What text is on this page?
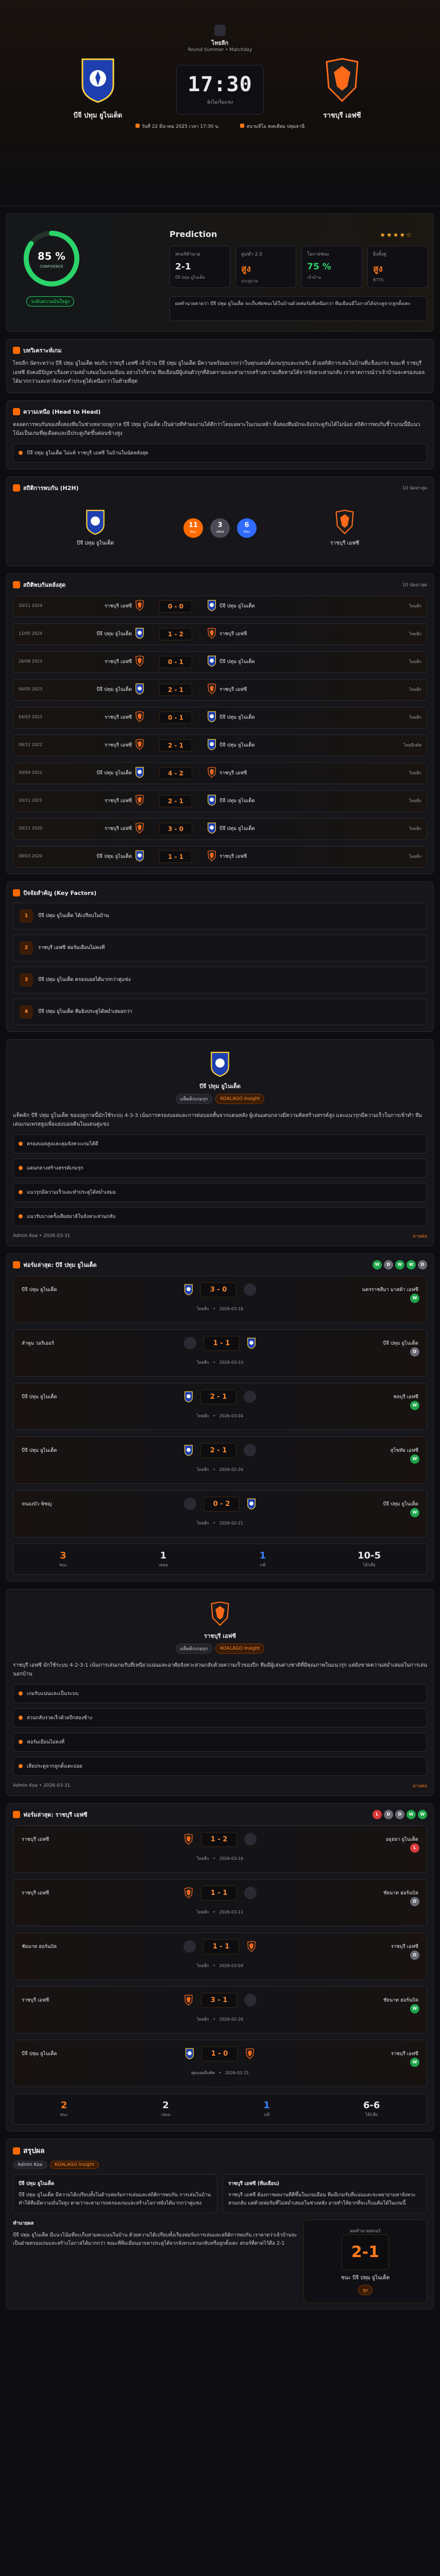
ไทยลีก
Round Summer • Matchday
บีจี ปทุม ยูไนเต็ด
17:30
ยังไม่เริ่มแข่ง
ราชบุรี เอฟซี
วันที่ 22 มีนาคม 2025 เวลา 17:30 น.	สนามลีโอ สเตเดียม ปทุมธานี
85 %
CONFIDENCE
ระดับความมั่นใจสูง
Prediction	★★★★☆
สกอร์ทำนาย
2-1
บีจี ปทุม ยูไนเต็ด
สูง/ต่ำ 2.5
สูง
ประตูรวม
โอกาสชนะ
75 %
เจ้าบ้าน
ยิงทั้งคู่
สูง
BTTS
ผลทำนายคาดว่า บีจี ปทุม ยูไนเต็ด จะเก็บชัยชนะได้ในบ้านด้วยฟอร์มที่เหนือกว่า ทีมเยือนมีโอกาสได้ประตูจากลูกตั้งเตะ
บทวิเคราะห์เกม

ไทยลีก นัดระหว่าง บีจี ปทุม ยูไนเต็ด พบกับ ราชบุรี เอฟซี เจ้าบ้าน บีจี ปทุม ยูไนเต็ด มีความพร้อมมากกว่าในทุกแดนทั้งเกมรุกและเกมรับ ด้วยสถิติการเล่นในบ้านที่แข็งแกร่ง ขณะที่ ราชบุรี เอฟซี ยังคงมีปัญหาเรื่องความสม่ำเสมอในเกมเยือน อย่างไรก็ตาม ทีมเยือนมีผู้เล่นตัวรุกที่อันตรายและสามารถสร้างความเสียหายได้จากจังหวะสวนกลับ เราคาดการณ์ว่าเจ้าบ้านจะครองบอลได้มากกว่าและหาจังหวะทำประตูได้เหนือกว่าในท้ายที่สุด

ความเหนือ (Head to Head)

ตลอดการพบกันของทั้งสองทีมในช่วงหลายฤดูกาล บีจี ปทุม ยูไนเต็ด เป็นฝ่ายที่ทำผลงานได้ดีกว่าโดยเฉพาะในเกมเหย้า ทั้งสองทีมมักจะยิงประตูกันได้ไม่น้อย สถิติการพบกันชี้ว่าเกมนี้มีแนวโน้มเป็นเกมที่ดุเดือดและมีประตูเกิดขึ้นค่อนข้างสูง

บีจี ปทุม ยูไนเต็ด ไม่แพ้ ราชบุรี เอฟซี ในบ้านในนัดหลังสุด
สถิติการพบกัน (H2H)	10 นัดล่าสุด
บีจี ปทุม ยูไนเต็ด
11
ชนะ
3
เสมอ
6
ชนะ
ราชบุรี เอฟซี
สถิติพบกันหลังสุด	10 นัดล่าสุด
20/11 2024	ราชบุรี เอฟซี	0 - 0	บีจี ปทุม ยูไนเต็ด	ไทยลีก
12/05 2024	บีจี ปทุม ยูไนเต็ด	1 - 2	ราชบุรี เอฟซี	ไทยลีก
26/08 2023	ราชบุรี เอฟซี	0 - 1	บีจี ปทุม ยูไนเต็ด	ไทยลีก
04/05 2023	บีจี ปทุม ยูไนเต็ด	2 - 1	ราชบุรี เอฟซี	ไทยลีก
04/03 2023	ราชบุรี เอฟซี	0 - 1	บีจี ปทุม ยูไนเต็ด	ไทยลีก
09/12 2022	ราชบุรี เอฟซี	2 - 1	บีจี ปทุม ยูไนเต็ด	ไทยลีกคัพ
30/04 2022	บีจี ปทุม ยูไนเต็ด	4 - 2	ราชบุรี เอฟซี	ไทยลีก
20/11 2021	ราชบุรี เอฟซี	2 - 1	บีจี ปทุม ยูไนเต็ด	ไทยลีก
20/11 2020	ราชบุรี เอฟซี	3 - 0	บีจี ปทุม ยูไนเต็ด	ไทยลีก
08/03 2020	บีจี ปทุม ยูไนเต็ด	1 - 1	ราชบุรี เอฟซี	ไทยลีก
ปัจจัยสำคัญ (Key Factors)
1	บีจี ปทุม ยูไนเต็ด ได้เปรียบในบ้าน
2	ราชบุรี เอฟซี ฟอร์มเยือนไม่คงที่
3	บีจี ปทุม ยูไนเต็ด ครองบอลได้มากกว่าคู่แข่ง
4	บีจี ปทุม ยูไนเต็ด ทีมยิงประตูได้สม่ำเสมอกว่า
บีจี ปทุม ยูไนเต็ด
แท็คติกเกมรุก	KOALAGO Insight

แท็คติก บีจี ปทุม ยูไนเต็ด ของฤดูกาลนี้มักใช้ระบบ 4-3-3 เน้นการครองบอลและการต่อบอลสั้นจากแดนหลัง ผู้เล่นแดนกลางมีความคิดสร้างสรรค์สูง และแนวรุกมีความเร็วในการเข้าทำ ทีมเล่นเกมเพรสสูงเพื่อแย่งบอลคืนในแดนคู่แข่ง

ครองบอลสูงและคุมจังหวะเกมได้ดี
แดนกลางสร้างสรรค์เกมรุก
แนวรุกมีความเร็วและทำประตูได้สม่ำเสมอ
แนวรับบางครั้งเสียสมาธิในจังหวะสวนกลับ
Admin Koa • 2026-03-31	อ่านต่อ
ฟอร์มล่าสุด: บีจี ปทุม ยูไนเต็ด	W	D	W	W	D
บีจี ปทุม ยูไนเต็ด	3 - 0	นครราชสีมา มาสด้า เอฟซี
ไทยลีก   •   2026-03-16
W
ลำพูน วอริเออร์	1 - 1	บีจี ปทุม ยูไนเต็ด
ไทยลีก   •   2026-03-10
D
บีจี ปทุม ยูไนเต็ด	2 - 1	ชลบุรี เอฟซี
ไทยลีก   •   2026-03-04
W
บีจี ปทุม ยูไนเต็ด	2 - 1	สุโขทัย เอฟซี
ไทยลีก   •   2026-02-26
W
หนองบัว พิชญ	0 - 2	บีจี ปทุม ยูไนเต็ด
ไทยลีก   •   2026-02-21
W
3
ชนะ
1
เสมอ
1
แพ้
10-5
ได้/เสีย
ราชบุรี เอฟซี
แท็คติกเกมรุก	KOALAGO Insight

ราชบุรี เอฟซี มักใช้ระบบ 4-2-3-1 เน้นการเล่นเกมรับที่เหนียวแน่นและอาศัยจังหวะสวนกลับด้วยความเร็วของปีก ทีมมีผู้เล่นต่างชาติที่มีคุณภาพในแนวรุก แต่ยังขาดความสม่ำเสมอในการเล่นนอกบ้าน

เกมรับแน่นและเป็นระบบ
สวนกลับรวดเร็วด้วยปีกสองข้าง
ฟอร์มเยือนไม่คงที่
เสียประตูจากลูกตั้งเตะบ่อย
Admin Koa • 2026-03-31	อ่านต่อ
ฟอร์มล่าสุด: ราชบุรี เอฟซี	L	D	D	W	W
ราชบุรี เอฟซี	1 - 2	อยุธยา ยูไนเต็ด
ไทยลีก   •   2026-03-16
L
ราชบุรี เอฟซี	1 - 1	ชัยนาท ฮอร์นบิล
ไทยลีก   •   2026-03-11
D
ชัยนาท ฮอร์นบิล	1 - 1	ราชบุรี เอฟซี
ไทยลีก   •   2026-03-04
D
ราชบุรี เอฟซี	3 - 1	ชัยนาท ฮอร์นบิล
ไทยลีก   •   2026-02-26
W
บีจี ปทุม ยูไนเต็ด	1 - 0	ราชบุรี เอฟซี
ฟุตบอลลีกคัพ   •   2026-02-21
W
2
ชนะ
2
เสมอ
1
แพ้
6-6
ได้/เสีย
สรุปผล
Admin Koa	KOALAGO Insight
บีจี ปทุม ยูไนเต็ด
บีจี ปทุม ยูไนเต็ด มีความได้เปรียบทั้งในด้านฟอร์มการเล่นและสถิติการพบกัน การเล่นในบ้านทำให้ทีมมีความมั่นใจสูง คาดว่าจะสามารถครองเกมและสร้างโอกาสยิงได้มากกว่าคู่แข่ง
ราชบุรี เอฟซี (ทีมเยือน)
ราชบุรี เอฟซี ต้องการผลงานที่ดีขึ้นในเกมเยือน ทีมมีเกมรับที่แน่นและจะพยายามหาจังหวะสวนกลับ แต่ด้วยฟอร์มที่ไม่สม่ำเสมอในช่วงหลัง อาจทำให้ยากที่จะเก็บแต้มได้ในเกมนี้
ทำนายผล
บีจี ปทุม ยูไนเต็ด มีแนวโน้มที่จะเก็บสามคะแนนในบ้าน ด้วยความได้เปรียบทั้งเรื่องฟอร์มการเล่นและสถิติการพบกัน เราคาดว่าเจ้าบ้านจะเป็นฝ่ายครองเกมและสร้างโอกาสได้มากกว่า ขณะที่ทีมเยือนอาจหาประตูได้จากจังหวะสวนกลับหรือลูกตั้งเตะ สกอร์ที่คาดไว้คือ 2-1
ผลทำนายสกอร์
2-1
ชนะ บีจี ปทุม ยูไนเต็ด
สูง
